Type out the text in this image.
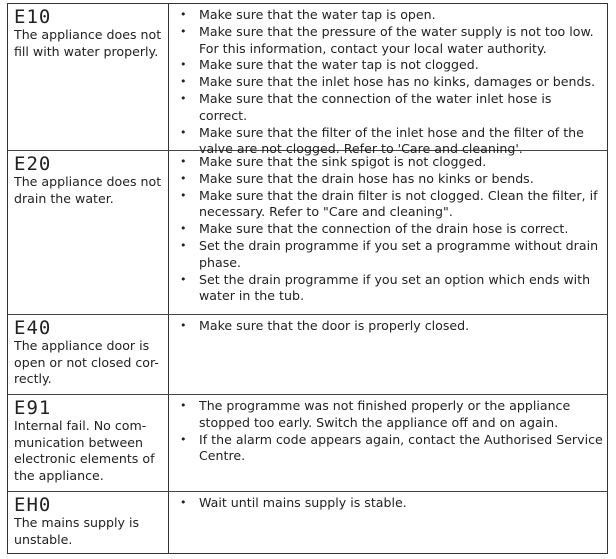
E10
The appliance does not fill with water properly.
• Make sure that the water tap is open.
• Make sure that the pressure of the water supply is not too low. For this information, contact your local water authority.
• Make sure that the water tap is not clogged.
• Make sure that the inlet hose has no kinks, damages or bends.
• Make sure that the connection of the water inlet hose is correct.
• Make sure that the filter of the inlet hose and the filter of the valve are not clogged. Refer to 'Care and cleaning'.
E20
The appliance does not drain the water.
• Make sure that the sink spigot is not clogged.
• Make sure that the drain hose has no kinks or bends.
• Make sure that the drain filter is not clogged. Clean the filter, if necessary. Refer to "Care and cleaning".
• Make sure that the connection of the drain hose is correct.
• Set the drain programme if you set a programme without drain phase.
• Set the drain programme if you set an option which ends with water in the tub.
E40
The appliance door is open or not closed cor-rectly.
• Make sure that the door is properly closed.
E91
Internal fail. No com-munication between electronic elements of the appliance.
• The programme was not finished properly or the appliance stopped too early. Switch the appliance off and on again.
• If the alarm code appears again, contact the Authorised Service Centre.
EH0
The mains supply is unstable.
• Wait until mains supply is stable.
